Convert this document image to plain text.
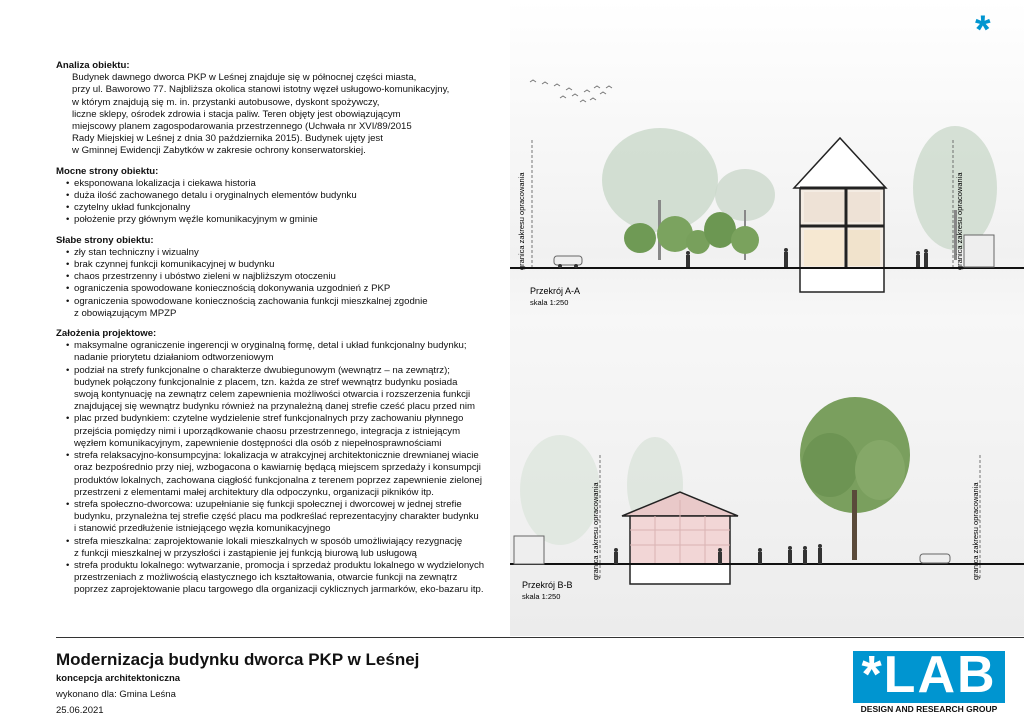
Analiza obiektu:
Budynek dawnego dworca PKP w Leśnej znajduje się w północnej części miasta,
przy ul. Baworowo 77. Najbliższa okolica stanowi istotny węzeł usługowo-komunikacyjny,
w którym znajdują się m. in. przystanki autobusowe, dyskont spożywczy,
liczne sklepy, ośrodek zdrowia i stacja paliw. Teren objęty jest obowiązującym
miejscowy planem zagospodarowania przestrzennego (Uchwała nr XVI/89/2015
Rady Miejskiej w Leśnej z dnia 30 października 2015). Budynek ujęty jest
w Gminnej Ewidencji Zabytków w zakresie ochrony konserwatorskiej.
Mocne strony obiektu:
• eksponowana lokalizacja i ciekawa historia
• duża ilość zachowanego detalu i oryginalnych elementów budynku
• czytelny układ funkcjonalny
• położenie przy głównym węźle komunikacyjnym w gminie
Słabe strony obiektu:
• zły stan techniczny i wizualny
• brak czynnej funkcji komunikacyjnej w budynku
• chaos przestrzenny i ubóstwo zieleni w najbliższym otoczeniu
• ograniczenia spowodowane koniecznością dokonywania uzgodnień z PKP
• ograniczenia spowodowane koniecznością zachowania funkcji mieszkalnej zgodnie
z obowiązującym MPZP
Założenia projektowe:
• maksymalne ograniczenie ingerencji w oryginalną formę, detal i układ funkcjonalny budynku;
nadanie priorytetu działaniom odtworzeniowym
• podział na strefy funkcjonalne o charakterze dwubiegunowym (wewnątrz – na zewnątrz);
budynek połączony funkcjonalnie z placem, tzn. każda ze stref wewnątrz budynku posiada
swoją kontynuację na zewnątrz celem zapewnienia możliwości otwarcia i rozszerzenia funkcji
znajdującej się wewnątrz budynku również na przynależną danej strefie cześć placu przed nim
• plac przed budynkiem: czytelne wydzielenie stref funkcjonalnych przy zachowaniu płynnego
przejścia pomiędzy nimi i uporządkowanie chaosu przestrzennego, integracja z istniejącym
węzłem komunikacyjnym, zapewnienie dostępności dla osób z niepełnosprawnościami
• strefa relaksacyjno-konsumpcyjna: lokalizacja w atrakcyjnej architektonicznie drewnianej wiacie
oraz bezpośrednio przy niej, wzbogacona o kawiarnię będącą miejscem sprzedaży i konsumpcji
produktów lokalnych, zachowana ciągłość funkcjonalna z terenem poprzez zapewnienie zielonej
przestrzeni z elementami małej architektury dla odpoczynku, organizacji pikników itp.
• strefa społeczno-dworcowa: uzupełnianie się funkcji społecznej i dworcowej w jednej strefie
budynku, przynależna tej strefie część placu ma podkreślać reprezentacyjny charakter budynku
i stanowić przedłużenie istniejącego węzła komunikacyjnego
• strefa mieszkalna: zaprojektowanie lokali mieszkalnych w sposób umożliwiający rezygnację
z funkcji mieszkalnej w przyszłości i zastąpienie jej funkcją biurową lub usługową
• strefa produktu lokalnego: wytwarzanie, promocja i sprzedaż produktu lokalnego w wydzielonych
przestrzeniach z możliwością elastycznego ich kształtowania, otwarcie funkcji na zewnątrz
poprzez zaprojektowanie placu targowego dla organizacji cyklicznych jarmarków, eko-bazaru itp.
*
granica zakresu opracowania	granica zakresu opracowania
Przekrój A-A
skala 1:250
granica zakresu opracowania	granica zakresu opracowania
Przekrój B-B
skala 1:250
Modernizacja budynku dworca PKP w Leśnej
koncepcja architektoniczna
wykonano dla: Gmina Leśna
25.06.2021
*LAB
DESIGN AND RESEARCH GROUP
